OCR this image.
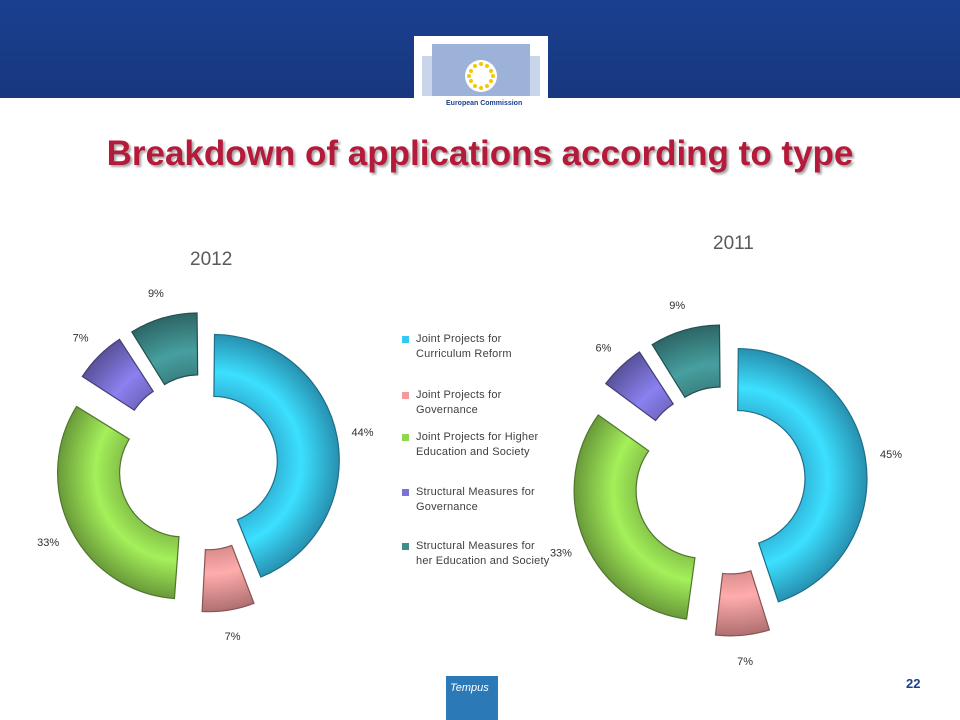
European Commission
Breakdown of applications according to type
2012
2011
44%
7%
33%
7%
9%
45%
7%
33%
6%
9%
Joint Projects for Curriculum Reform
Joint Projects for Governance
Joint Projects for Higher Education and Society
Structural Measures for Governance
Structural Measures for her Education and Society
Tempus	22
